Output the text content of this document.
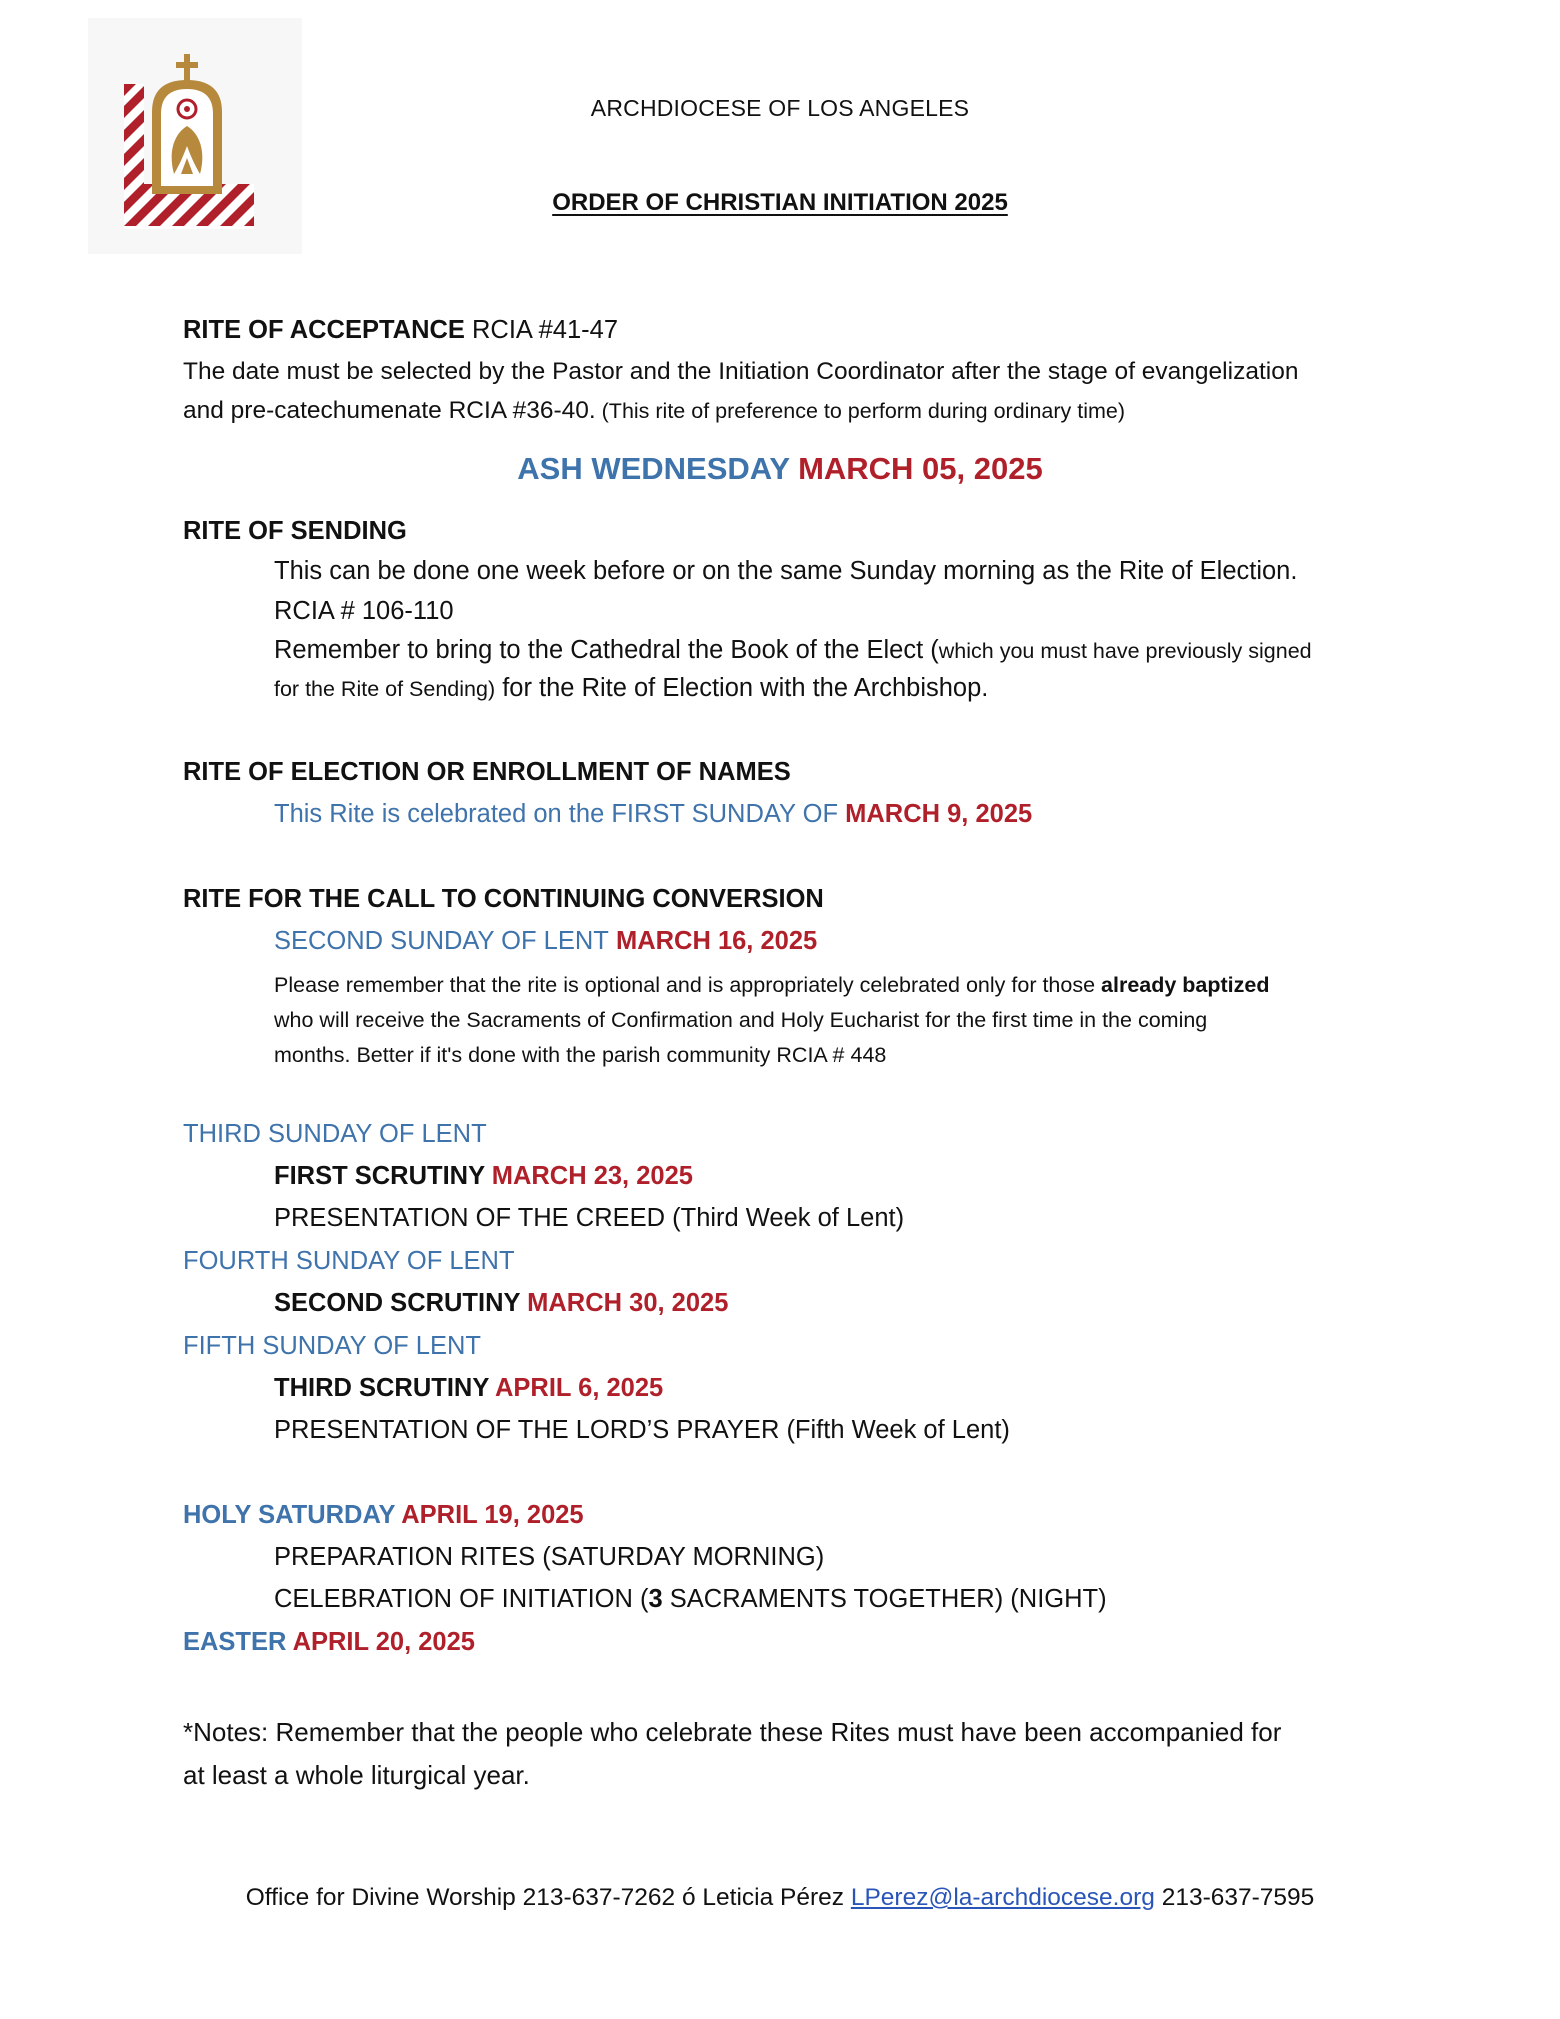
ARCHDIOCESE OF LOS ANGELES
ORDER OF CHRISTIAN INITIATION 2025
RITE OF ACCEPTANCE RCIA #41-47
The date must be selected by the Pastor and the Initiation Coordinator after the stage of evangelization
and pre-catechumenate RCIA #36-40. (This rite of preference to perform during ordinary time)
ASH WEDNESDAY MARCH 05, 2025
RITE OF SENDING
This can be done one week before or on the same Sunday morning as the Rite of Election.
RCIA # 106-110
Remember to bring to the Cathedral the Book of the Elect (which you must have previously signed
for the Rite of Sending) for the Rite of Election with the Archbishop.
RITE OF ELECTION OR ENROLLMENT OF NAMES
This Rite is celebrated on the FIRST SUNDAY OF MARCH 9, 2025
RITE FOR THE CALL TO CONTINUING CONVERSION
SECOND SUNDAY OF LENT MARCH 16, 2025
Please remember that the rite is optional and is appropriately celebrated only for those already baptized
who will receive the Sacraments of Confirmation and Holy Eucharist for the first time in the coming
months. Better if it's done with the parish community RCIA # 448
THIRD SUNDAY OF LENT
FIRST SCRUTINY MARCH 23, 2025
PRESENTATION OF THE CREED (Third Week of Lent)
FOURTH SUNDAY OF LENT
SECOND SCRUTINY MARCH 30, 2025
FIFTH SUNDAY OF LENT
THIRD SCRUTINY APRIL 6, 2025
PRESENTATION OF THE LORD’S PRAYER (Fifth Week of Lent)
HOLY SATURDAY APRIL 19, 2025
PREPARATION RITES (SATURDAY MORNING)
CELEBRATION OF INITIATION (3 SACRAMENTS TOGETHER) (NIGHT)
EASTER APRIL 20, 2025
*Notes: Remember that the people who celebrate these Rites must have been accompanied for
at least a whole liturgical year.
Office for Divine Worship 213-637-7262 ó Leticia Pérez LPerez@la-archdiocese.org 213-637-7595
